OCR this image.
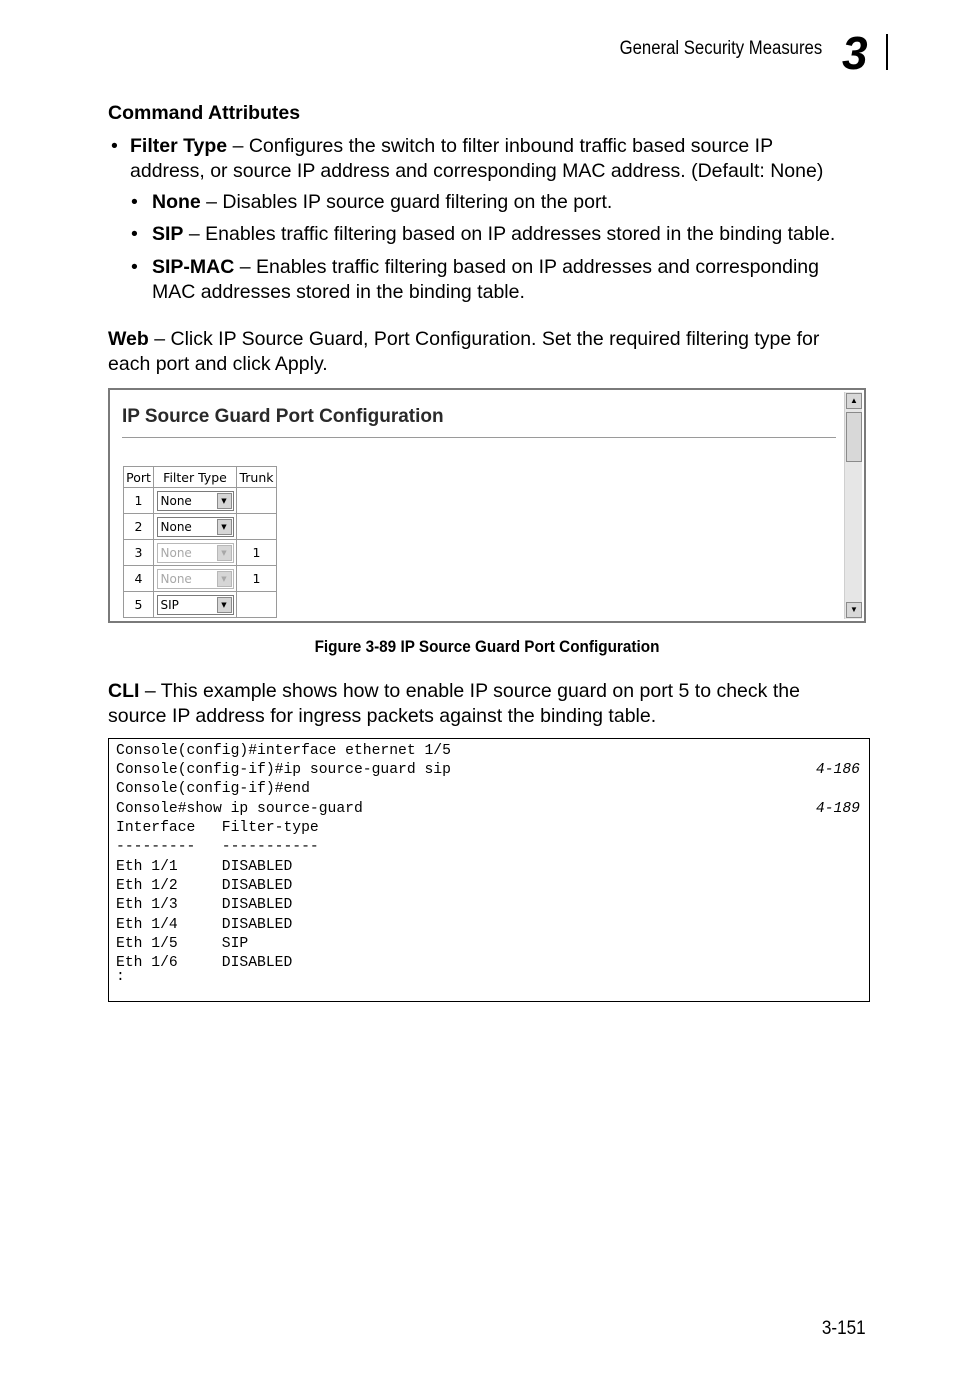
General Security Measures 3
Command Attributes
• Filter Type – Configures the switch to filter inbound traffic based source IP
address, or source IP address and corresponding MAC address. (Default: None)
• None – Disables IP source guard filtering on the port.
• SIP – Enables traffic filtering based on IP addresses stored in the binding table.
• SIP-MAC – Enables traffic filtering based on IP addresses and corresponding
MAC addresses stored in the binding table.
Web – Click IP Source Guard, Port Configuration. Set the required filtering type for
each port and click Apply.
IP Source Guard Port Configuration
Port	Filter Type	Trunk
1	None ▼	

2	None ▼	

3	None ▼	1
4	None ▼	1
5	SIP ▼	

▲
▼
Figure 3-89 IP Source Guard Port Configuration
CLI – This example shows how to enable IP source guard on port 5 to check the
source IP address for ingress packets against the binding table.
Console(config)#interface ethernet 1/5
Console(config-if)#ip source-guard sip	4-186
Console(config-if)#end
Console#show ip source-guard	4-189
Interface   Filter-type
---------   -----------
Eth 1/1     DISABLED
Eth 1/2     DISABLED
Eth 1/3     DISABLED
Eth 1/4     DISABLED
Eth 1/5     SIP
Eth 1/6     DISABLED
:
3-151
